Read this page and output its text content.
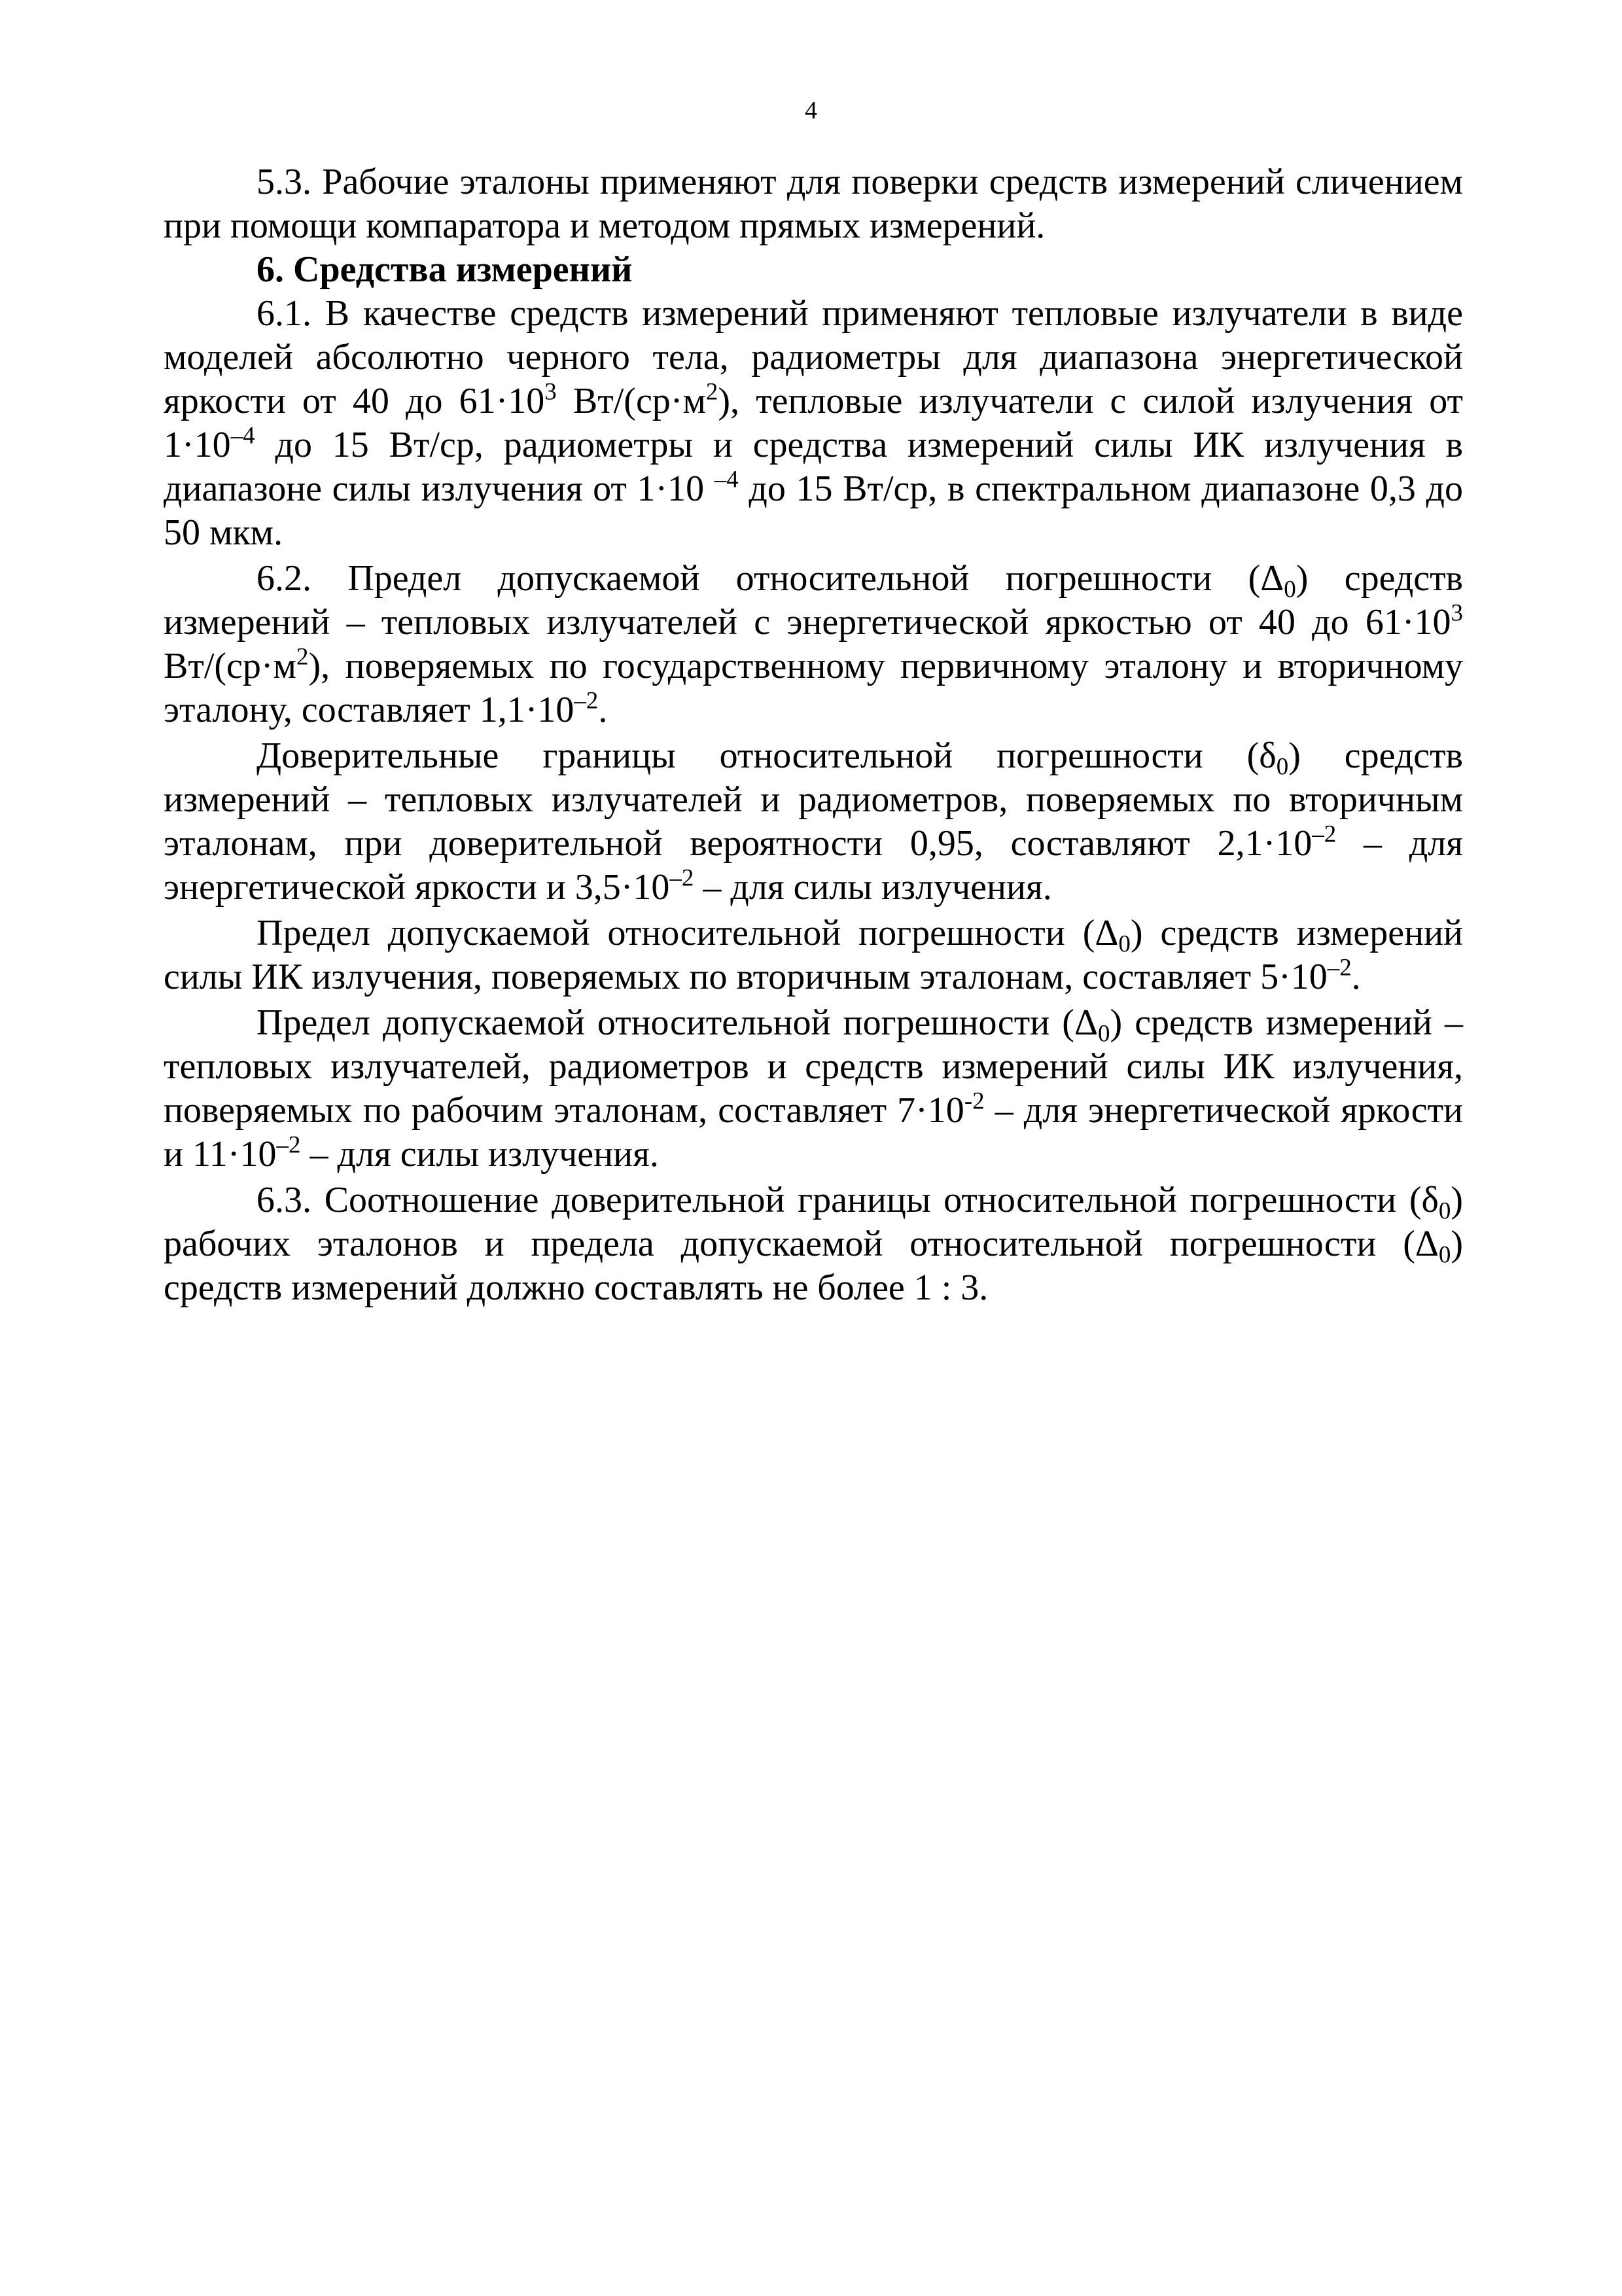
4

5.3. Рабочие эталоны применяют для поверки средств измерений сличением при помощи компаратора и методом прямых измерений.

6. Средства измерений

6.1. В качестве средств измерений применяют тепловые излучатели в виде моделей абсолютно черного тела, радиометры для диапазона энергетической яркости от 40 до $61\cdot 10^3$ $Вт/(ср\cdot м^2)$, тепловые излучатели с силой излучения от $1\cdot 10^{-4}$ до 15 Вт/ср, радиометры и средства измерений силы ИК излучения в диапазоне силы излучения от 1·10 $^{-4}$ до 15 Вт/ср, в спектральном диапазоне 0,3 до 50 мкм.

6.2. Предел допускаемой относительной погрешности $(\Delta_0)$ средств измерений – тепловых излучателей с энергетической яркостью от 40 до $61\cdot 10^3$ $Вт/(ср\cdot м^2)$, поверяемых по государственному первичному эталону и вторичному эталону, составляет $1,1\cdot 10^{-2}$.

Доверительные границы относительной погрешности $(\delta_0)$ средств измерений – тепловых излучателей и радиометров, поверяемых по вторичным эталонам, при доверительной вероятности 0,95, составляют $2,1\cdot 10^{-2}$ – для энергетической яркости и $3,5\cdot 10^{-2}$ – для силы излучения.

Предел допускаемой относительной погрешности $(\Delta_0)$ средств измерений силы ИК излучения, поверяемых по вторичным эталонам, составляет $5\cdot 10^{-2}$.

Предел допускаемой относительной погрешности $(\Delta_0)$ средств измерений – тепловых излучателей, радиометров и средств измерений силы ИК излучения, поверяемых по рабочим эталонам, составляет $7\cdot 10^{-2}$ – для энергетической яркости и $11\cdot 10^{-2}$ – для силы излучения.

6.3. Соотношение доверительной границы относительной погрешности $(\delta_0)$ рабочих эталонов и предела допускаемой относительной погрешности $(\Delta_0)$ средств измерений должно составлять не более 1 : 3.
